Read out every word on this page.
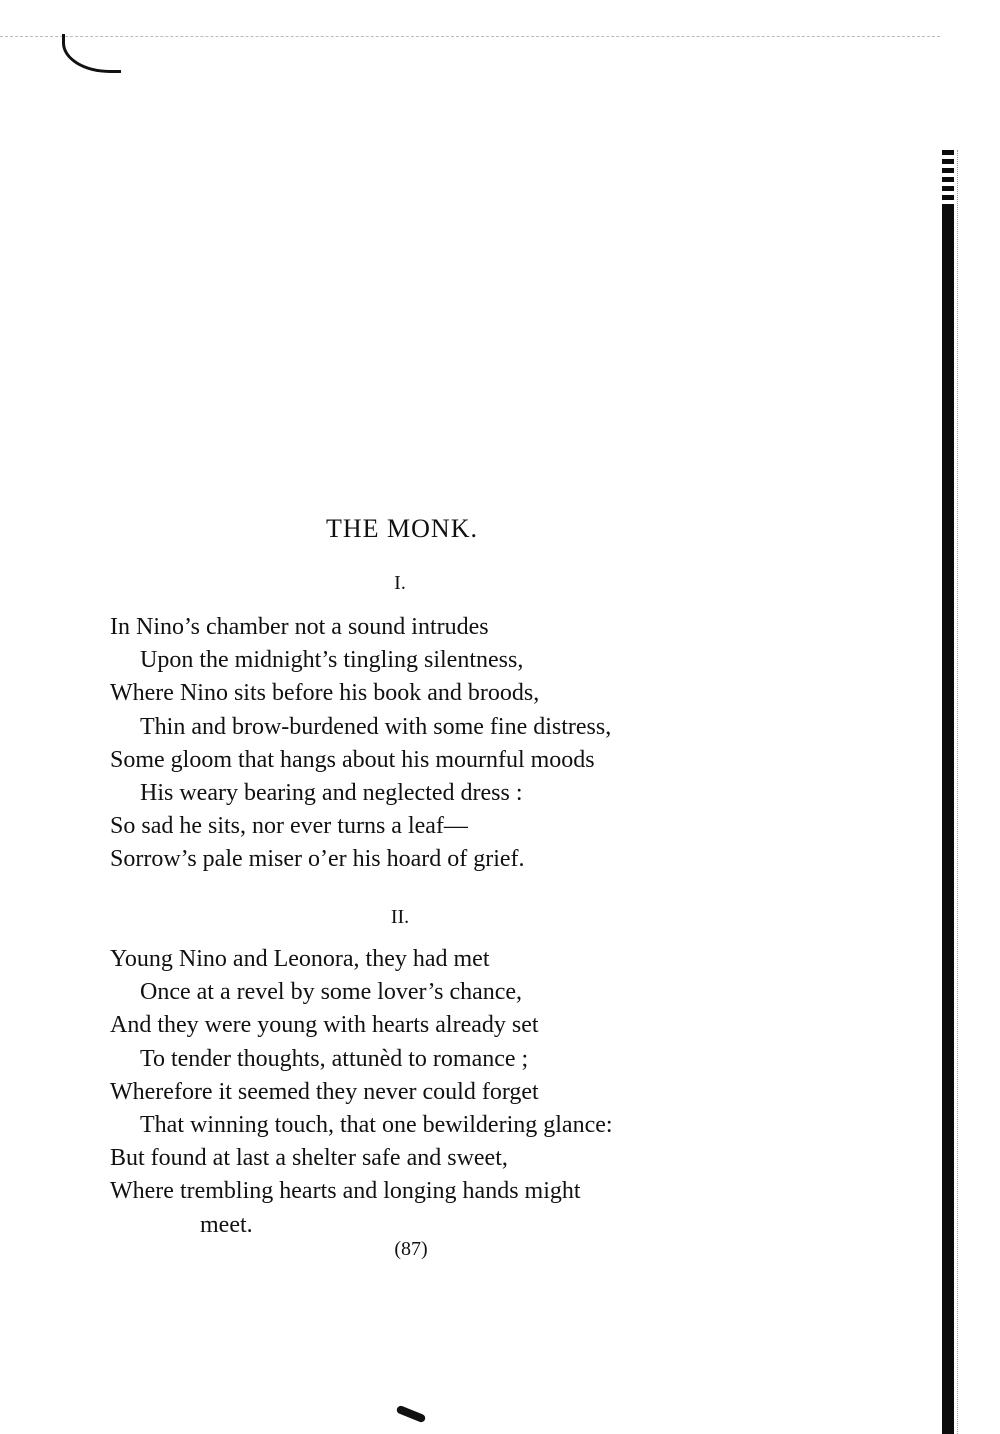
THE MONK.
I.
In Nino’s chamber not a sound intrudes
Upon the midnight’s tingling silentness,
Where Nino sits before his book and broods,
Thin and brow-burdened with some fine distress,
Some gloom that hangs about his mournful moods
His weary bearing and neglected dress :
So sad he sits, nor ever turns a leaf—
Sorrow’s pale miser o’er his hoard of grief.
II.
Young Nino and Leonora, they had met
Once at a revel by some lover’s chance,
And they were young with hearts already set
To tender thoughts, attunèd to romance ;
Wherefore it seemed they never could forget
That winning touch, that one bewildering glance:
But found at last a shelter safe and sweet,
Where trembling hearts and longing hands might
meet.
(87)
